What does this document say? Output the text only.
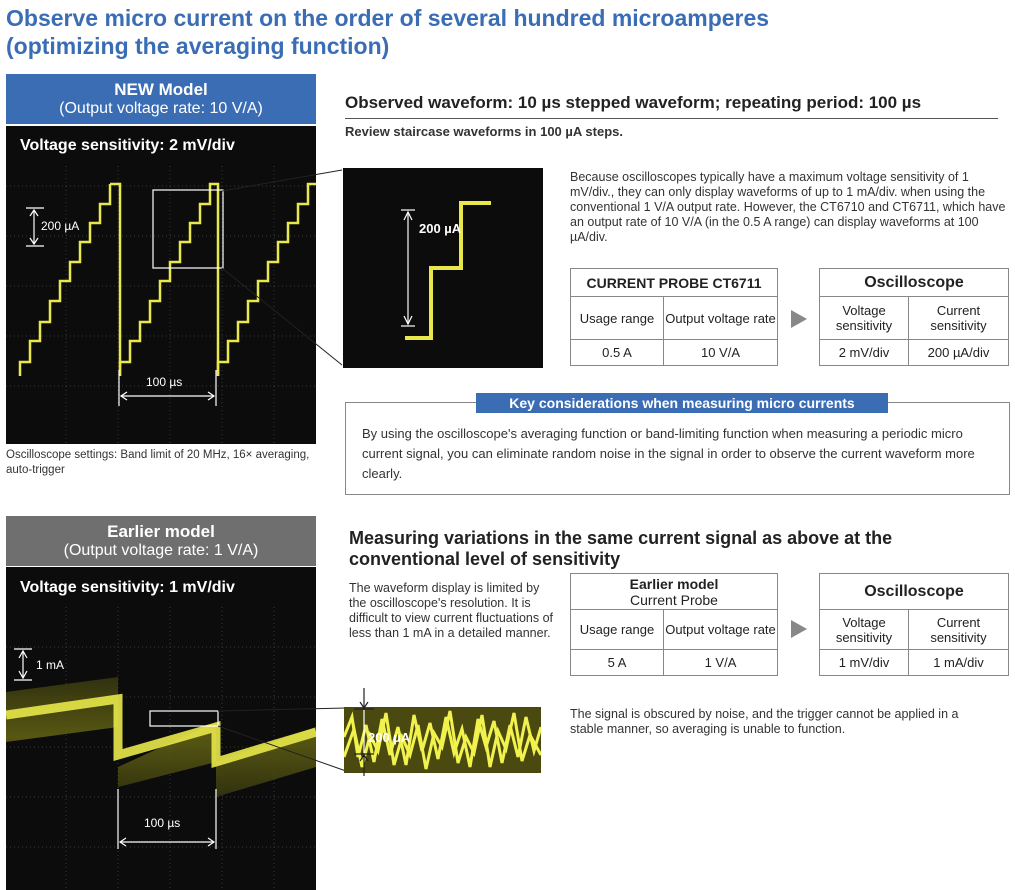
Observe micro current on the order of several hundred microamperes
(optimizing the averaging function)
NEW Model
(Output voltage rate: 10 V/A)
Voltage sensitivity: 2 mV/div
200 µA
100 µs
200 µA
Oscilloscope settings: Band limit of 20 MHz, 16× averaging, auto-trigger
Observed waveform: 10 µs stepped waveform; repeating period: 100 µs
Review staircase waveforms in 100 µA steps.
Because oscilloscopes typically have a maximum voltage sensitivity of 1 mV/div., they can only display waveforms of up to 1 mA/div. when using the conventional 1 V/A output rate. However, the CT6710 and CT6711, which have an output rate of 10 V/A (in the 0.5 A range) can display waveforms at 100 µA/div.
CURRENT PROBE CT6711	
Usage range	Output voltage rate
0.5 A	10 V/A
Oscilloscope	
Voltage sensitivity	Current sensitivity
2 mV/div	200 µA/div
Key considerations when measuring micro currents
By using the oscilloscope's averaging function or band-limiting function when measuring a periodic micro current signal, you can eliminate random noise in the signal in order to observe the current waveform more clearly.
Earlier model
(Output voltage rate: 1 V/A)
Voltage sensitivity: 1 mV/div
1 mA
100 µs
200 µA
Measuring variations in the same current signal as above at the conventional level of sensitivity
The waveform display is limited by the oscilloscope's resolution. It is difficult to view current fluctuations of less than 1 mA in a detailed manner.
Earlier model
Current Probe	

Usage range	Output voltage rate
5 A	1 V/A
Oscilloscope	
Voltage sensitivity	Current sensitivity
1 mV/div	1 mA/div
The signal is obscured by noise, and the trigger cannot be applied in a stable manner, so averaging is unable to function.
